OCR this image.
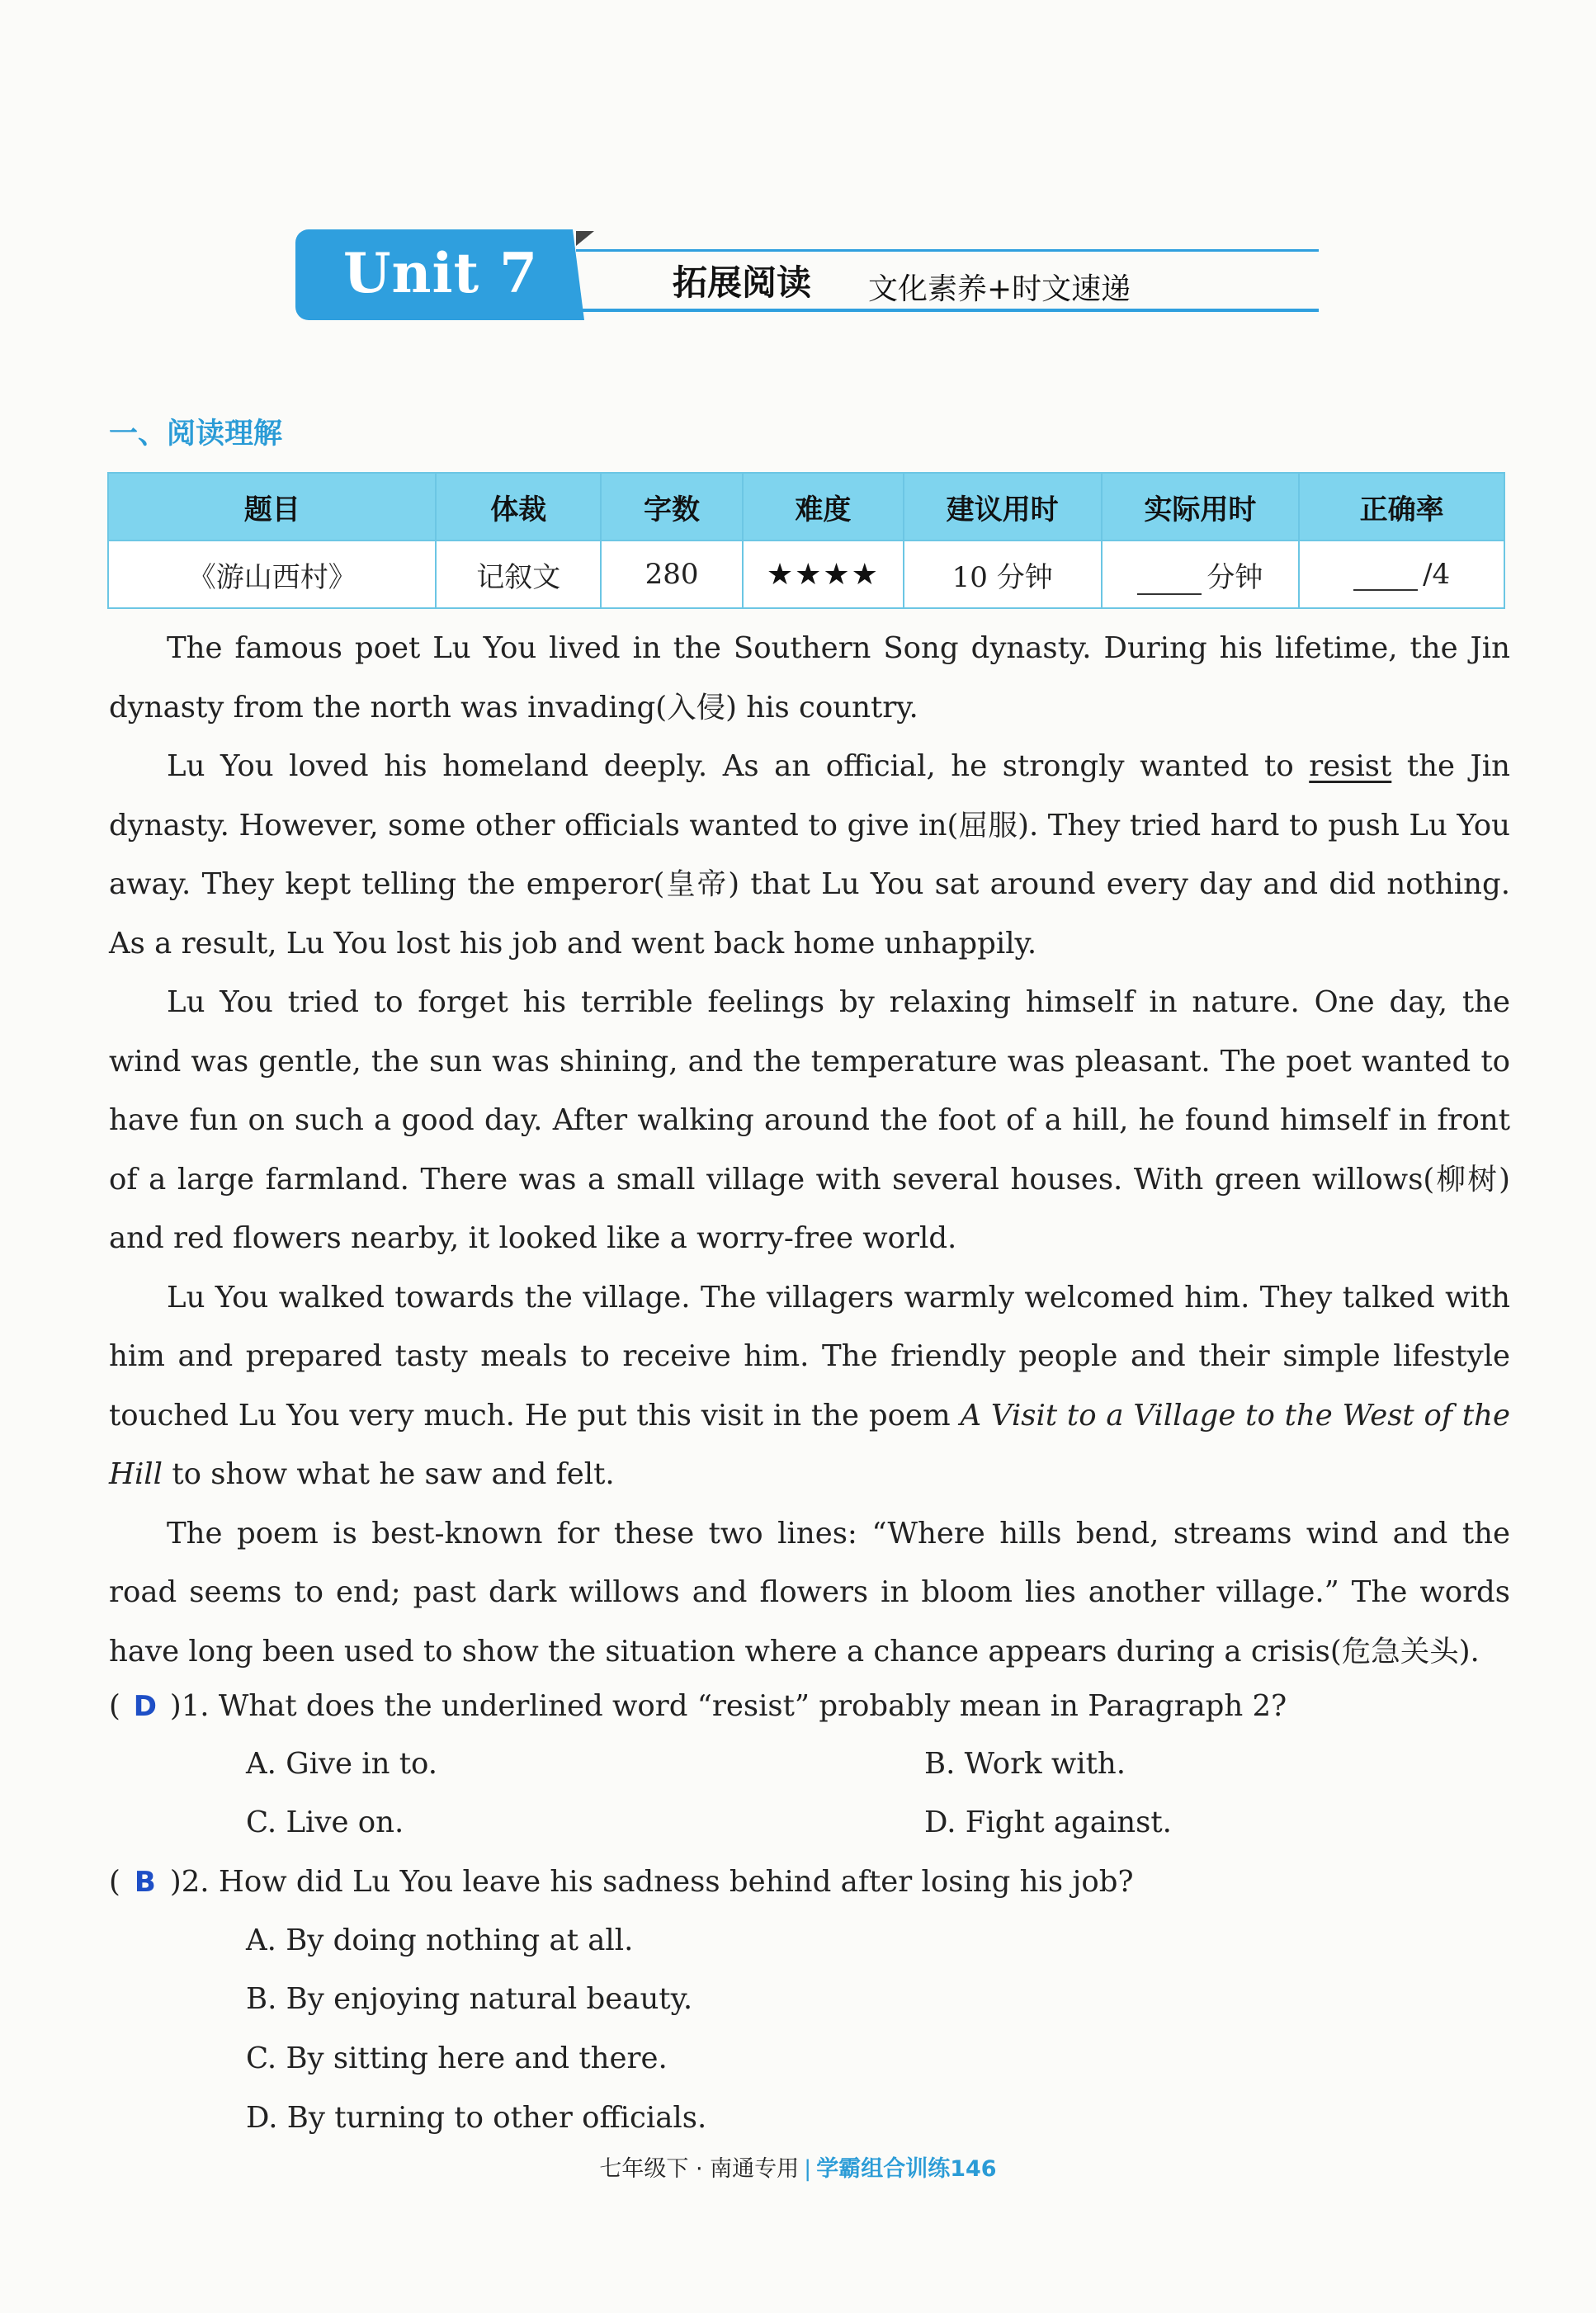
Unit 7	拓展阅读 文化素养+时文速递
一、阅读理解
题目	体裁	字数	难度	建议用时	实际用时	正确率
《游山西村》	记叙文	280	★★★★	10 分钟	分钟	/4

The famous poet Lu You lived in the Southern Song dynasty. During his lifetime, the Jin dynasty from the north was invading(入侵) his country.

Lu You loved his homeland deeply. As an official, he strongly wanted to resist the Jin dynasty. However, some other officials wanted to give in(屈服). They tried hard to push Lu You away. They kept telling the emperor(皇帝) that Lu You sat around every day and did nothing. As a result, Lu You lost his job and went back home unhappily.

Lu You tried to forget his terrible feelings by relaxing himself in nature. One day, the wind was gentle, the sun was shining, and the temperature was pleasant. The poet wanted to have fun on such a good day. After walking around the foot of a hill, he found himself in front of a large farmland. There was a small village with several houses. With green willows(柳树) and red flowers nearby, it looked like a worry-free world.

Lu You walked towards the village. The villagers warmly welcomed him. They talked with him and prepared tasty meals to receive him. The friendly people and their simple lifestyle touched Lu You very much. He put this visit in the poem A Visit to a Village to the West of the Hill to show what he saw and felt.

The poem is best-known for these two lines: “Where hills bend, streams wind and the road seems to end; past dark willows and flowers in bloom lies another village.” The words have long been used to show the situation where a chance appears during a crisis(危急关头).

( D )1. What does the underlined word “resist” probably mean in Paragraph 2?
A. Give in to.	B. Work with.
C. Live on.	D. Fight against.
( B )2. How did Lu You leave his sadness behind after losing his job?
A. By doing nothing at all.
B. By enjoying natural beauty.
C. By sitting here and there.
D. By turning to other officials.
七年级下 · 南通专用 | 学霸组合训练146
